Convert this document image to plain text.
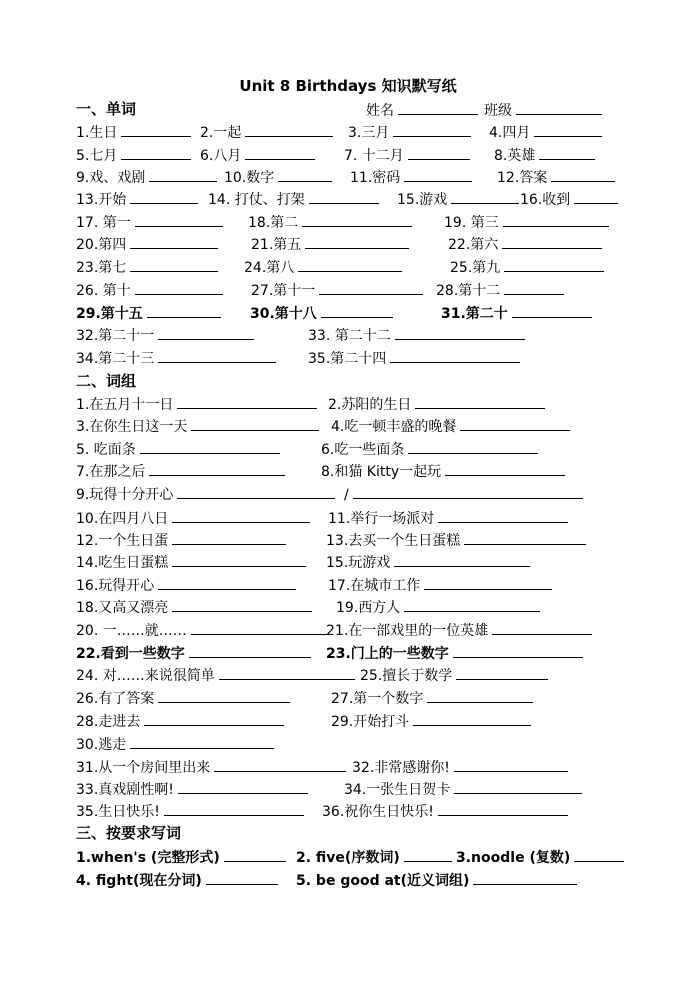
Unit 8 Birthdays 知识默写纸
一、单词	姓名	班级
1.生日	2.一起	3.三月	4.四月
5.七月	6.八月	7. 十二月	8.英雄
9.戏、戏剧	10.数字	11.密码	12.答案
13.开始	14. 打仗、打架	15.游戏	16.收到
17. 第一	18.第二	19. 第三
20.第四	21.第五	22.第六
23.第七	24.第八	25.第九
26. 第十	27.第十一	28.第十二
29.第十五	30.第十八	31.第二十
32.第二十一	33. 第二十二
34.第二十三	35.第二十四
二、词组
1.在五月十一日	2.苏阳的生日
3.在你生日这一天	4.吃一顿丰盛的晚餐
5. 吃面条	6.吃一些面条
7.在那之后	8.和猫 Kitty一起玩
9.玩得十分开心	/
10.在四月八日	11.举行一场派对
12.一个生日蛋	13.去买一个生日蛋糕
14.吃生日蛋糕	15.玩游戏
16.玩得开心	17.在城市工作
18.又高又漂亮	19.西方人
20. 一……就……	21.在一部戏里的一位英雄
22.看到一些数字	23.门上的一些数字
24. 对……来说很简单	25.擅长于数学
26.有了答案	27.第一个数字
28.走进去	29.开始打斗
30.逃走
31.从一个房间里出来	32.非常感谢你!
33.真戏剧性啊!	34.一张生日贺卡
35.生日快乐!	36.祝你生日快乐!
三、按要求写词
1.when's (完整形式)	2. five(序数词)	3.noodle (复数)
4. fight(现在分词)	5. be good at(近义词组)
